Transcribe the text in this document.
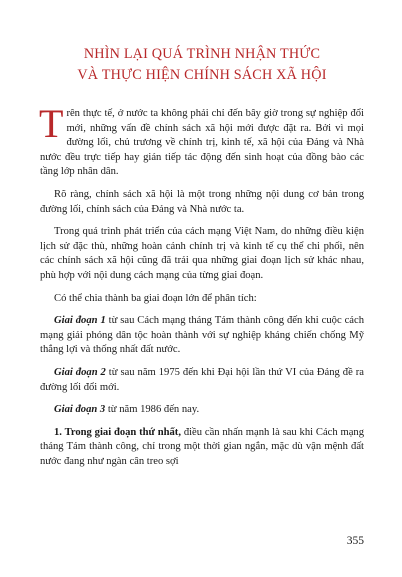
NHÌN LẠI QUÁ TRÌNH NHẬN THỨC
VÀ THỰC HIỆN CHÍNH SÁCH XÃ HỘI

Trên thực tế, ở nước ta không phải chỉ đến bây giờ trong sự nghiệp đổi mới, những vấn đề chính sách xã hội mới được đặt ra. Bởi vì mọi đường lối, chủ trương về chính trị, kinh tế, xã hội của Đảng và Nhà nước đều trực tiếp hay gián tiếp tác động đến sinh hoạt của đồng bào các tầng lớp nhân dân.

Rõ ràng, chính sách xã hội là một trong những nội dung cơ bản trong đường lối, chính sách của Đảng và Nhà nước ta.

Trong quá trình phát triển của cách mạng Việt Nam, do những điều kiện lịch sử đặc thù, những hoàn cảnh chính trị và kinh tế cụ thể chi phối, nên các chính sách xã hội cũng đã trải qua những giai đoạn lịch sử khác nhau, phù hợp với nội dung cách mạng của từng giai đoạn.

Có thể chia thành ba giai đoạn lớn để phân tích:

Giai đoạn 1 từ sau Cách mạng tháng Tám thành công đến khi cuộc cách mạng giải phóng dân tộc hoàn thành với sự nghiệp kháng chiến chống Mỹ thắng lợi và thống nhất đất nước.

Giai đoạn 2 từ sau năm 1975 đến khi Đại hội lần thứ VI của Đảng đề ra đường lối đổi mới.

Giai đoạn 3 từ năm 1986 đến nay.

1. Trong giai đoạn thứ nhất, điều cần nhấn mạnh là sau khi Cách mạng tháng Tám thành công, chỉ trong một thời gian ngắn, mặc dù vận mệnh đất nước đang như ngàn cân treo sợi

355
